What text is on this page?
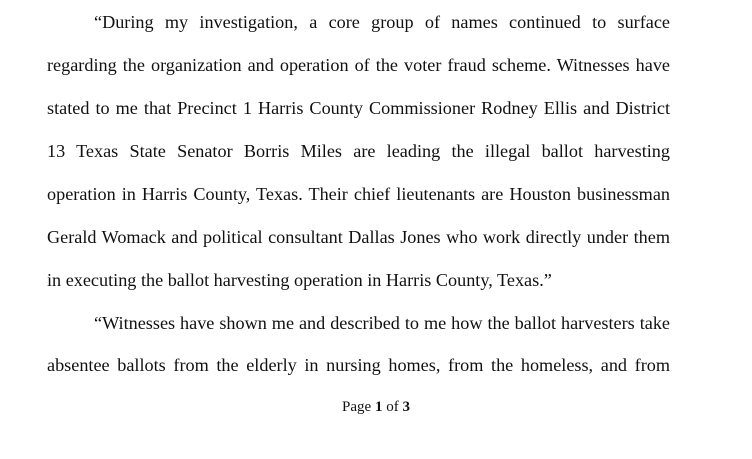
“During my investigation, a core group of names continued to surface
regarding the organization and operation of the voter fraud scheme. Witnesses have
stated to me that Precinct 1 Harris County Commissioner Rodney Ellis and District
13 Texas State Senator Borris Miles are leading the illegal ballot harvesting
operation in Harris County, Texas. Their chief lieutenants are Houston businessman
Gerald Womack and political consultant Dallas Jones who work directly under them
in executing the ballot harvesting operation in Harris County, Texas.”
“Witnesses have shown me and described to me how the ballot harvesters take
absentee ballots from the elderly in nursing homes, from the homeless, and from
Page 1 of 3
